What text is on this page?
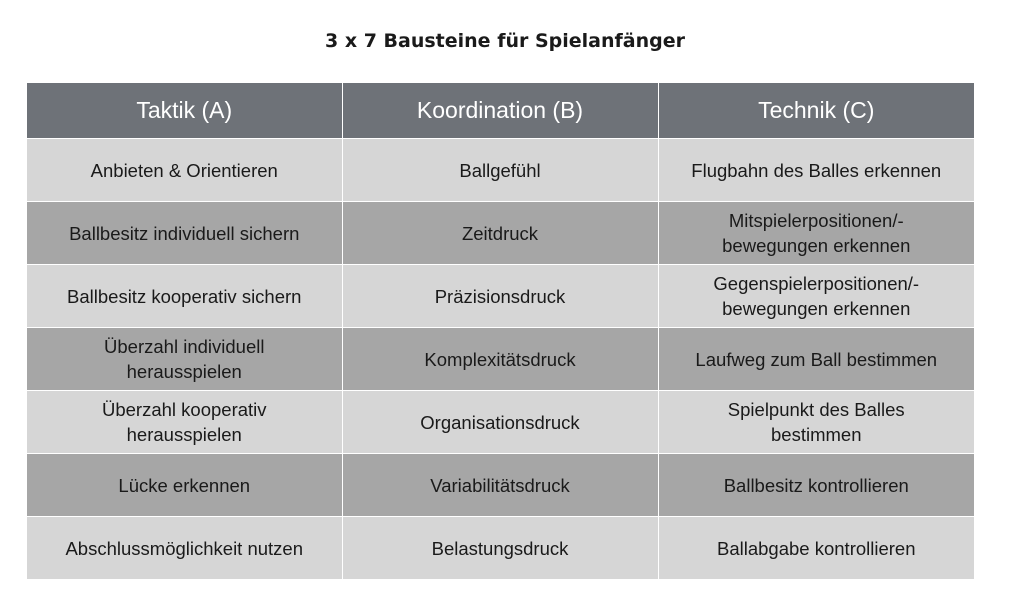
3 x 7 Bausteine für Spielanfänger
Taktik (A)	Koordination (B)	Technik (C)
Anbieten & Orientieren	Ballgefühl	Flugbahn des Balles erkennen
Ballbesitz individuell sichern	Zeitdruck	Mitspielerpositionen/-
bewegungen erkennen
Ballbesitz kooperativ sichern	Präzisionsdruck	Gegenspielerpositionen/-
bewegungen erkennen
Überzahl individuell
herausspielen	Komplexitätsdruck	Laufweg zum Ball bestimmen
Überzahl kooperativ
herausspielen	Organisationsdruck	Spielpunkt des Balles
bestimmen
Lücke erkennen	Variabilitätsdruck	Ballbesitz kontrollieren
Abschlussmöglichkeit nutzen	Belastungsdruck	Ballabgabe kontrollieren
